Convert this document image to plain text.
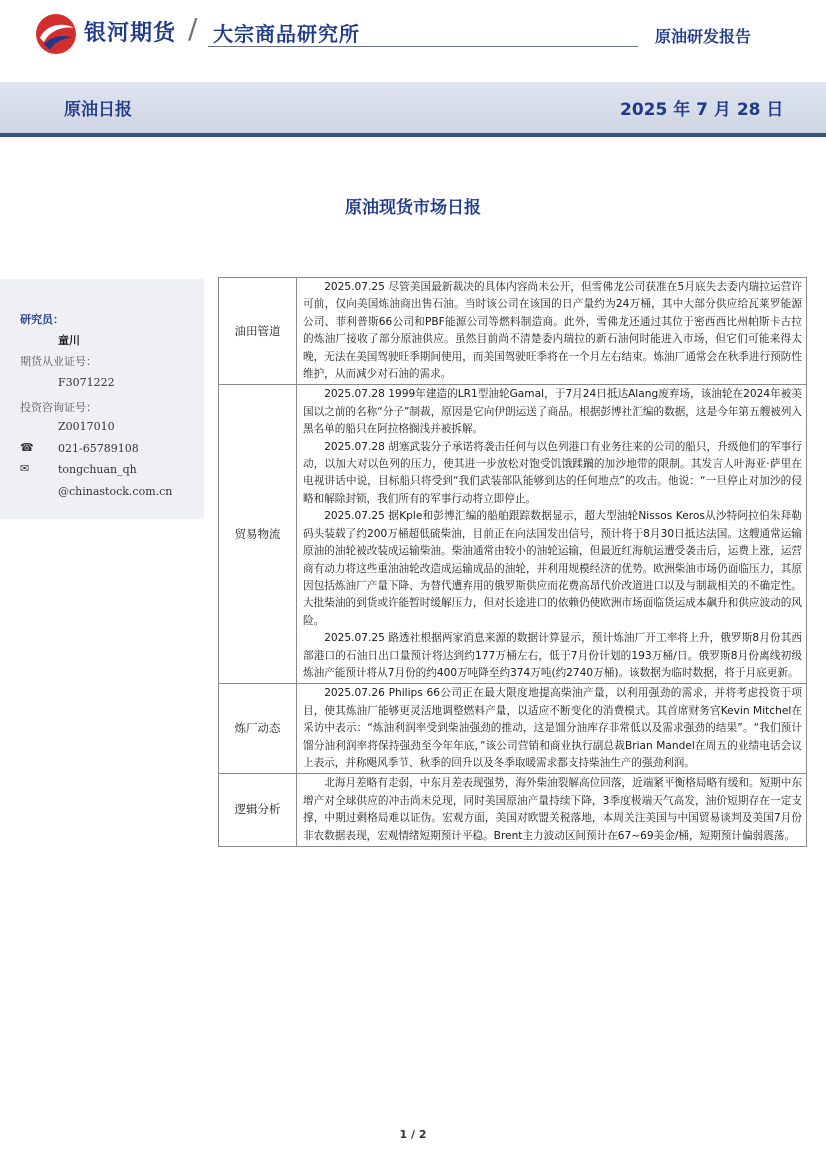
银河期货 / 大宗商品研究所	原油研发报告
原油日报	2025 年 7 月 28 日
原油现货市场日报
研究员：
童川
期货从业证号：
F3071222
投资咨询证号：
Z0017010
☎ 021-65789108
✉	tongchuan_qh
@chinastock.com.cn
油田管道	2025.07.25 尽管美国最新裁决的具体内容尚未公开，但雪佛龙公司获准在5月底失去委内瑞拉运营许可前，仅向美国炼油商出售石油。当时该公司在该国的日产量约为24万桶，其中大部分供应给瓦莱罗能源公司、菲利普斯66公司和PBF能源公司等燃料制造商。此外，雪佛龙还通过其位于密西西比州帕斯卡古拉的炼油厂接收了部分原油供应。虽然目前尚不清楚委内瑞拉的新石油何时能进入市场，但它们可能来得太晚，无法在美国驾驶旺季期间使用，而美国驾驶旺季将在一个月左右结束。炼油厂通常会在秋季进行预防性维护，从而减少对石油的需求。

贸易物流	2025.07.28 1999年建造的LR1型油轮Gamal，于7月24日抵达Alang废弃场，该油轮在2024年被美国以之前的名称“分子”制裁，原因是它向伊朗运送了商品。根据彭博社汇编的数据，这是今年第五艘被列入黑名单的船只在阿拉格搁浅并被拆解。
2025.07.28 胡塞武装分子承诺将袭击任何与以色列港口有业务往来的公司的船只，升级他们的军事行动，以加大对以色列的压力，使其进一步放松对饱受饥饿蹂躏的加沙地带的限制。其发言人叶海亚·萨里在电视讲话中说，目标船只将受到“我们武装部队能够到达的任何地点”的攻击。他说：“一旦停止对加沙的侵略和解除封锁，我们所有的军事行动将立即停止。
2025.07.25 据Kple和彭博汇编的船舶跟踪数据显示，超大型油轮Nissos Keros从沙特阿拉伯朱拜勒码头装载了约200万桶超低硫柴油，目前正在向法国发出信号，预计将于8月30日抵达法国。这艘通常运输原油的油轮被改装成运输柴油。柴油通常由较小的油轮运输，但最近红海航运遭受袭击后，运费上涨，运营商有动力将这些重油油轮改造成运输成品的油轮，并利用规模经济的优势。欧洲柴油市场仍面临压力，其原因包括炼油厂产量下降、为替代遭弃用的俄罗斯供应而花费高昂代价改道进口以及与制裁相关的不确定性。大批柴油的到货或许能暂时缓解压力，但对长途进口的依赖仍使欧洲市场面临货运成本飙升和供应波动的风险。
2025.07.25 路透社根据两家消息来源的数据计算显示，预计炼油厂开工率将上升，俄罗斯8月份其西部港口的石油日出口量预计将达到约177万桶左右，低于7月份计划的193万桶/日。俄罗斯8月份离线初级炼油产能预计将从7月份的约400万吨降至约374万吨(约2740万桶)。该数据为临时数据，将于月底更新。

炼厂动态	2025.07.26 Philips 66公司正在最大限度地提高柴油产量，以利用强劲的需求，并将考虑投资于项目，使其炼油厂能够更灵活地调整燃料产量，以适应不断变化的消费模式。其首席财务官Kevin Mitchel在采访中表示：“炼油利润率受到柴油强劲的推动，这是馏分油库存非常低以及需求强劲的结果”。“我们预计馏分油利润率将保持强劲至今年年底，”该公司营销和商业执行副总裁Brian Mandel在周五的业绩电话会议上表示，并称飓风季节、秋季的回升以及冬季取暖需求都支持柴油生产的强劲利润。

逻辑分析	北海月差略有走弱，中东月差表现强势，海外柴油裂解高位回落，近端紧平衡格局略有缓和。短期中东增产对全球供应的冲击尚未兑现，同时美国原油产量持续下降，3季度极端天气高发，油价短期存在一定支撑，中期过剩格局难以证伪。宏观方面，美国对欧盟关税落地，本周关注美国与中国贸易谈判及美国7月份非农数据表现，宏观情绪短期预计平稳。Brent主力波动区间预计在67~69美金/桶，短期预计偏弱震荡。
1 / 2
